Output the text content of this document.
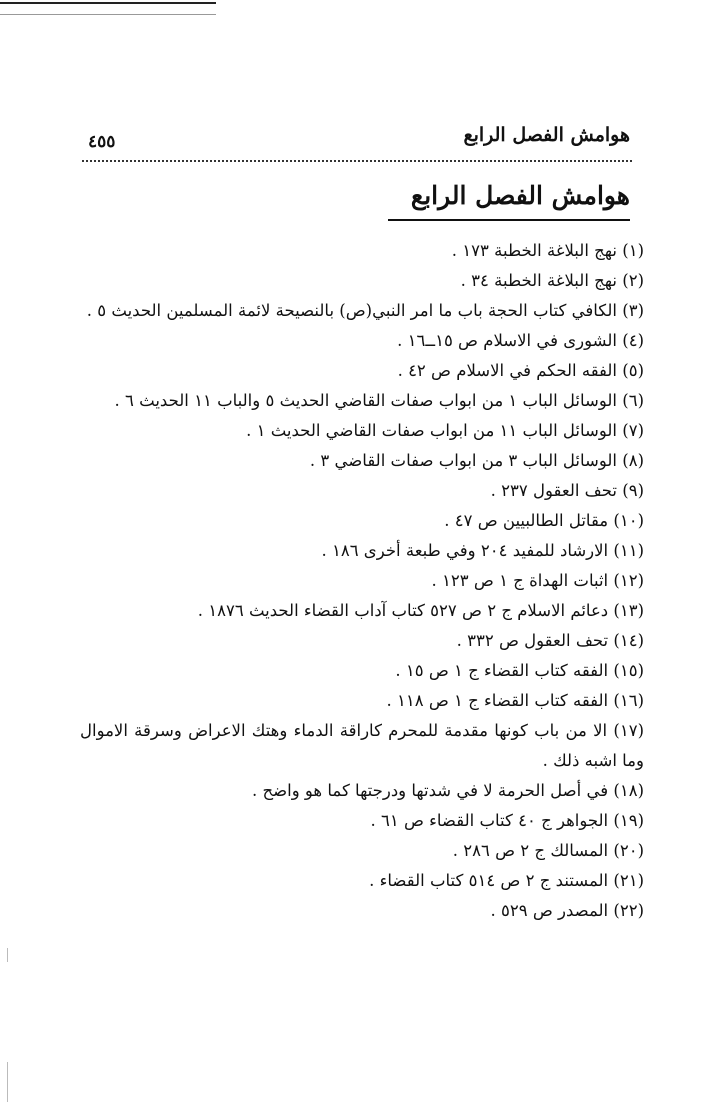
هوامش الفصل الرابع
٤٥٥
هوامش الفصل الرابع
(١) نهج البلاغة الخطبة ١٧٣ .
(٢) نهج البلاغة الخطبة ٣٤ .
(٣) الكافي كتاب الحجة باب ما امر النبي(ص) بالنصيحة لائمة المسلمين الحديث ٥ .
(٤) الشورى في الاسلام ص ١٥ــ١٦ .
(٥) الفقه الحكم في الاسلام ص ٤٢ .
(٦) الوسائل الباب ١ من ابواب صفات القاضي الحديث ٥ والباب ١١ الحديث ٦ .
(٧) الوسائل الباب ١١ من ابواب صفات القاضي الحديث ١ .
(٨) الوسائل الباب ٣ من ابواب صفات القاضي ٣ .
(٩) تحف العقول ٢٣٧ .
(١٠) مقاتل الطالبيين ص ٤٧ .
(١١) الارشاد للمفيد ٢٠٤ وفي طبعة أخرى ١٨٦ .
(١٢) اثبات الهداة ج ١ ص ١٢٣ .
(١٣) دعائم الاسلام ج ٢ ص ٥٢٧ كتاب آداب القضاء الحديث ١٨٧٦ .
(١٤) تحف العقول ص ٣٣٢ .
(١٥) الفقه كتاب القضاء ج ١ ص ١٥ .
(١٦) الفقه كتاب القضاء ج ١ ص ١١٨ .
(١٧) الا من باب كونها مقدمة للمحرم كاراقة الدماء وهتك الاعراض وسرقة الاموال وما اشبه ذلك .
(١٨) في أصل الحرمة لا في شدتها ودرجتها كما هو واضح .
(١٩) الجواهر ج ٤٠ كتاب القضاء ص ٦١ .
(٢٠) المسالك ج ٢ ص ٢٨٦ .
(٢١) المستند ج ٢ ص ٥١٤ كتاب القضاء .
(٢٢) المصدر ص ٥٢٩ .
